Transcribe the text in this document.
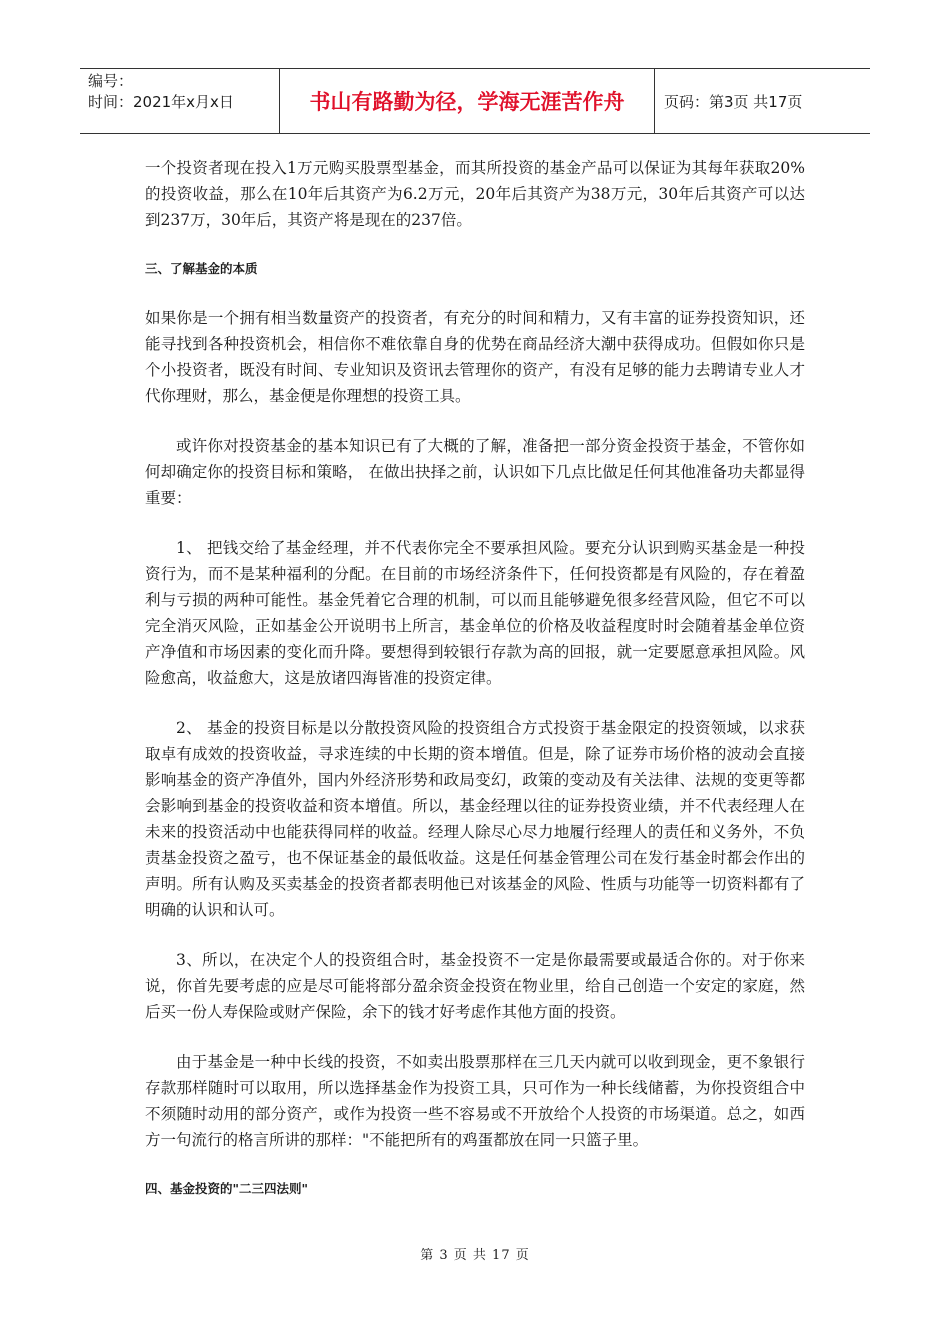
编号：
时间：2021年x月x日	书山有路勤为径，学海无涯苦作舟	页码：第3页 共17页

一个投资者现在投入1万元购买股票型基金，而其所投资的基金产品可以保证为其每年获取20%的投资收益，那么在10年后其资产为6.2万元，20年后其资产为38万元，30年后其资产可以达到237万，30年后，其资产将是现在的237倍。

三、了解基金的本质

如果你是一个拥有相当数量资产的投资者，有充分的时间和精力，又有丰富的证券投资知识，还能寻找到各种投资机会，相信你不难依靠自身的优势在商品经济大潮中获得成功。但假如你只是个小投资者，既没有时间、专业知识及资讯去管理你的资产，有没有足够的能力去聘请专业人才代你理财，那么，基金便是你理想的投资工具。

或许你对投资基金的基本知识已有了大概的了解，准备把一部分资金投资于基金，不管你如何却确定你的投资目标和策略， 在做出抉择之前，认识如下几点比做足任何其他准备功夫都显得重要：

1、 把钱交给了基金经理，并不代表你完全不要承担风险。要充分认识到购买基金是一种投资行为，而不是某种福利的分配。在目前的市场经济条件下，任何投资都是有风险的，存在着盈利与亏损的两种可能性。基金凭着它合理的机制，可以而且能够避免很多经营风险，但它不可以完全消灭风险，正如基金公开说明书上所言，基金单位的价格及收益程度时时会随着基金单位资产净值和市场因素的变化而升降。要想得到较银行存款为高的回报，就一定要愿意承担风险。风险愈高，收益愈大，这是放诸四海皆准的投资定律。

2、 基金的投资目标是以分散投资风险的投资组合方式投资于基金限定的投资领域，以求获取卓有成效的投资收益，寻求连续的中长期的资本增值。但是，除了证券市场价格的波动会直接影响基金的资产净值外，国内外经济形势和政局变幻，政策的变动及有关法律、法规的变更等都会影响到基金的投资收益和资本增值。所以，基金经理以往的证券投资业绩，并不代表经理人在未来的投资活动中也能获得同样的收益。经理人除尽心尽力地履行经理人的责任和义务外，不负责基金投资之盈亏，也不保证基金的最低收益。这是任何基金管理公司在发行基金时都会作出的声明。所有认购及买卖基金的投资者都表明他已对该基金的风险、性质与功能等一切资料都有了明确的认识和认可。

3、所以，在决定个人的投资组合时，基金投资不一定是你最需要或最适合你的。对于你来说，你首先要考虑的应是尽可能将部分盈余资金投资在物业里，给自己创造一个安定的家庭，然后买一份人寿保险或财产保险，余下的钱才好考虑作其他方面的投资。

由于基金是一种中长线的投资，不如卖出股票那样在三几天内就可以收到现金，更不象银行存款那样随时可以取用，所以选择基金作为投资工具，只可作为一种长线储蓄，为你投资组合中不须随时动用的部分资产，或作为投资一些不容易或不开放给个人投资的市场渠道。总之，如西方一句流行的格言所讲的那样："不能把所有的鸡蛋都放在同一只篮子里。

四、基金投资的"二三四法则"
第 3 页 共 17 页
